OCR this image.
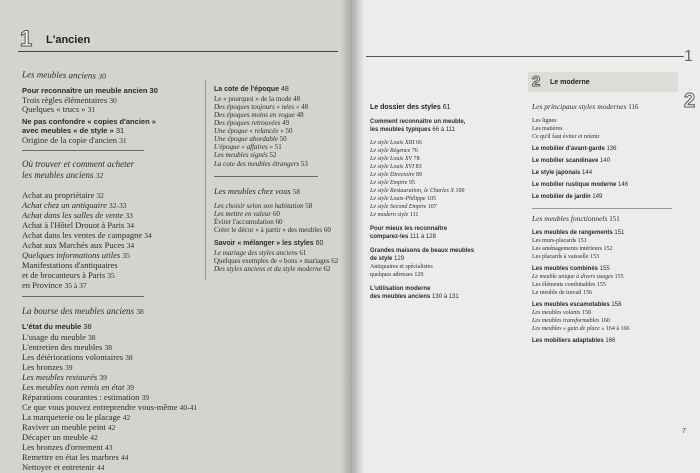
1 L'ancien
Les meubles anciens 30
Pour reconnaître un meuble ancien 30
Trois règles élémentaires 30
Quelques « trucs » 31
Ne pas confondre « copies d'ancien »
avec meubles « de style » 31
Origine de la copie d'ancien 31
Où trouver et comment acheter
les meubles anciens 32
Achat au propriétaire 32
Achat chez un antiquaire 32-33
Achat dans les salles de vente 33
Achat à l'Hôtel Drouot à Paris 34
Achat dans les ventes de campagne 34
Achat aux Marchés aux Puces 34
Quelques informations utiles 35
Manifestations d'antiquaires
et de brocanteurs à Paris 35
en Province 35 à 37
La bourse des meubles anciens 38
L'état du meuble 38
L'usage du meuble 38
L'entretien des meubles 38
Les détériorations volontaires 38
Les bronzes 39
Les meubles restaurés 39
Les meubles non remis en état 39
Réparations courantes : estimation 39
Ce que vous pouvez entreprendre vous-même 40-41
La marqueterie ou le placage 42
Raviver un meuble peint 42
Décaper un meuble 42
Les bronzes d'ornement 43
Remettre en état les marbres 44
Nettoyer et entretenir 44
La cote de l'époque 48
Le « pourquoi » de la mode 48
Des époques toujours « nées » 48
Des époques moins en vogue 48
Des époques retrouvées 49
Une époque « relancée » 50
Une époque abordable 50
L'époque « affaires » 51
Les meubles signés 52
La cote des meubles étrangers 53
Les meubles chez vous 58
Les choisir selon son habitation 58
Les mettre en valeur 60
Éviter l'accumulation 60
Créer le décor « à partir » des meubles 60
Savoir « mélanger » les styles 60
Le mariage des styles anciens 61
Quelques exemples de « bons » mariages 62
Des styles anciens et du style moderne 62
1
2
7
Le dossier des styles 61
Comment reconnaître un meuble,
les meubles typiques 66 à 111
Le style Louis XIII 66
Le style Régence 76
Le style Louis XV 78
Le style Louis XVI 83
Le style Directoire 89
Le style Empire 95
Le style Restauration, le Charles X 100
Le style Louis-Philippe 105
Le style Second Empire 107
Le modern style 111
Pour mieux les reconnaître
comparez-les 111 à 128
Grandes maisons de beaux meubles
de style 129
Antiquaires et spécialistes
quelques adresses 129
L'utilisation moderne
des meubles anciens 130 à 131
2 Le moderne
Les principaux styles modernes 116
Les lignes
Les matières
Ce qu'il faut éviter et retenir
Le mobilier d'avant-garde 136
Le mobilier scandinave 140
Le style japonais 144
Le mobilier rustique moderne 146
Le mobilier de jardin 149
Les meubles fonctionnels 151
Les meubles de rangements 151
Les murs-placards 151
Les aménagements intérieurs 152
Les placards à vaisselle 153
Les meubles combinés 155
Le meuble unique à divers usages 155
Les éléments combinables 155
Le meuble de travail 156
Les meubles escamotables 158
Les meubles volants 158
Les meubles transformables 160
Les meubles « gain de place » 164 à 166
Les mobiliers adaptables 166
